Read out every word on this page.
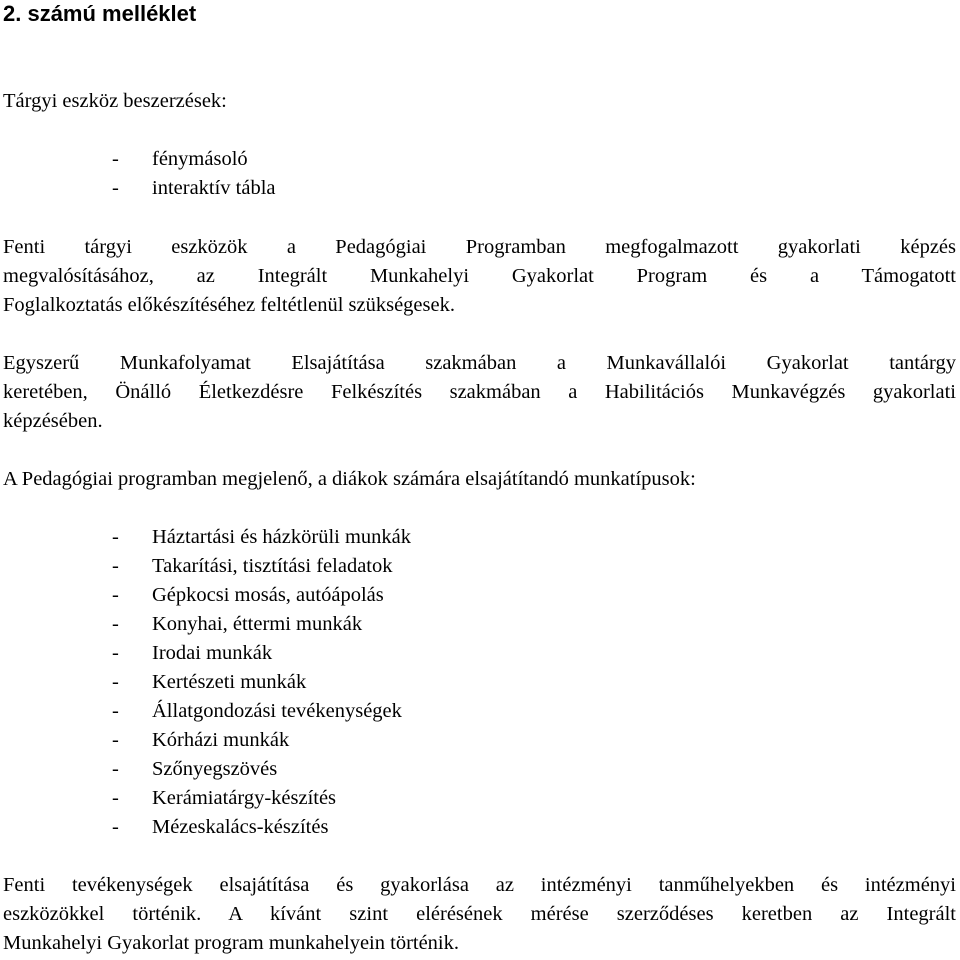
2. számú melléklet
Tárgyi eszköz beszerzések:
- fénymásoló
- interaktív tábla
Fenti tárgyi eszközök a Pedagógiai Programban megfogalmazott gyakorlati képzés
megvalósításához, az Integrált Munkahelyi Gyakorlat Program és a Támogatott
Foglalkoztatás előkészítéséhez feltétlenül szükségesek.
Egyszerű Munkafolyamat Elsajátítása szakmában a Munkavállalói Gyakorlat tantárgy
keretében, Önálló Életkezdésre Felkészítés szakmában a Habilitációs Munkavégzés gyakorlati
képzésében.
A Pedagógiai programban megjelenő, a diákok számára elsajátítandó munkatípusok:
- Háztartási és házkörüli munkák
- Takarítási, tisztítási feladatok
- Gépkocsi mosás, autóápolás
- Konyhai, éttermi munkák
- Irodai munkák
- Kertészeti munkák
- Állatgondozási tevékenységek
- Kórházi munkák
- Szőnyegszövés
- Kerámiatárgy-készítés
- Mézeskalács-készítés
Fenti tevékenységek elsajátítása és gyakorlása az intézményi tanműhelyekben és intézményi
eszközökkel történik. A kívánt szint elérésének mérése szerződéses keretben az Integrált
Munkahelyi Gyakorlat program munkahelyein történik.
